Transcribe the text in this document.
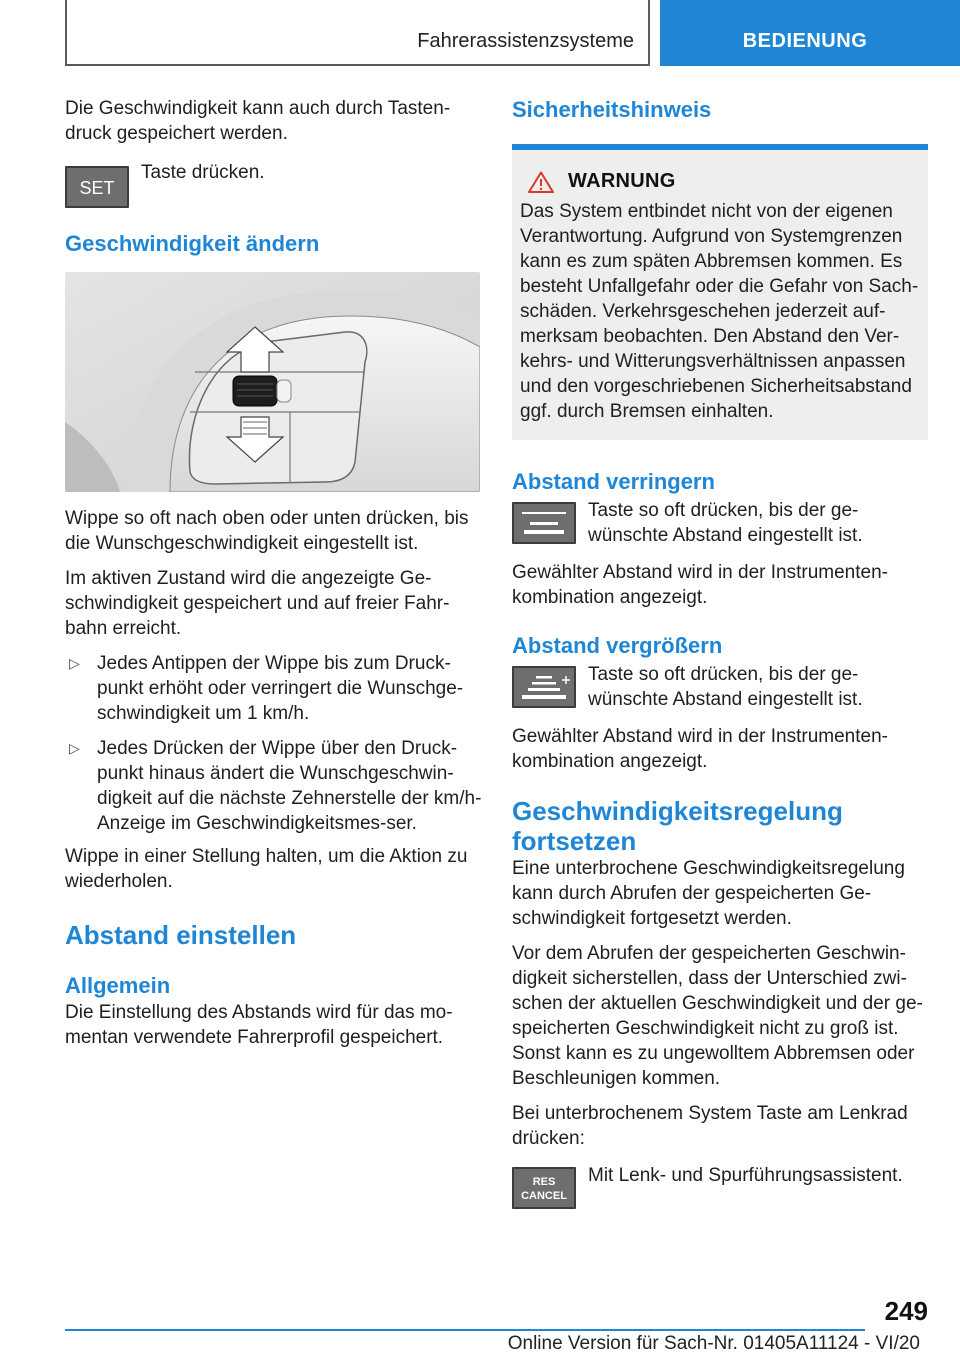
Fahrerassistenzsysteme	BEDIENUNG

Die Geschwindigkeit kann auch durch Tasten-druck gespeichert werden.

SET

Taste drücken.

Geschwindigkeit ändern

Wippe so oft nach oben oder unten drücken, bis die Wunschgeschwindigkeit eingestellt ist.

Im aktiven Zustand wird die angezeigte Ge-schwindigkeit gespeichert und auf freier Fahr-bahn erreicht.

▷ Jedes Antippen der Wippe bis zum Druck-punkt erhöht oder verringert die Wunschge-schwindigkeit um 1 km/h.
▷ Jedes Drücken der Wippe über den Druck-punkt hinaus ändert die Wunschgeschwin-digkeit auf die nächste Zehnerstelle der km/h-Anzeige im Geschwindigkeitsmes-ser.

Wippe in einer Stellung halten, um die Aktion zu wiederholen.

Abstand einstellen
Allgemein

Die Einstellung des Abstands wird für das mo-mentan verwendete Fahrerprofil gespeichert.

Sicherheitshinweis
WARNUNG

Das System entbindet nicht von der eigenen Verantwortung. Aufgrund von Systemgrenzen kann es zum späten Abbremsen kommen. Es besteht Unfallgefahr oder die Gefahr von Sach-schäden. Verkehrsgeschehen jederzeit auf-merksam beobachten. Den Abstand den Ver-kehrs- und Witterungsverhältnissen anpassen und den vorgeschriebenen Sicherheitsabstand ggf. durch Bremsen einhalten.

Abstand verringern

Taste so oft drücken, bis der ge-wünschte Abstand eingestellt ist.

Gewählter Abstand wird in der Instrumenten-kombination angezeigt.

Abstand vergrößern

Taste so oft drücken, bis der ge-wünschte Abstand eingestellt ist.

Gewählter Abstand wird in der Instrumenten-kombination angezeigt.

Geschwindigkeitsregelung fortsetzen

Eine unterbrochene Geschwindigkeitsregelung kann durch Abrufen der gespeicherten Ge-schwindigkeit fortgesetzt werden.

Vor dem Abrufen der gespeicherten Geschwin-digkeit sicherstellen, dass der Unterschied zwi-schen der aktuellen Geschwindigkeit und der ge-speicherten Geschwindigkeit nicht zu groß ist. Sonst kann es zu ungewolltem Abbremsen oder Beschleunigen kommen.

Bei unterbrochenem System Taste am Lenkrad drücken:

RES
CANCEL

Mit Lenk- und Spurführungsassistent.

249
Online Version für Sach-Nr. 01405A11124 - VI/20
